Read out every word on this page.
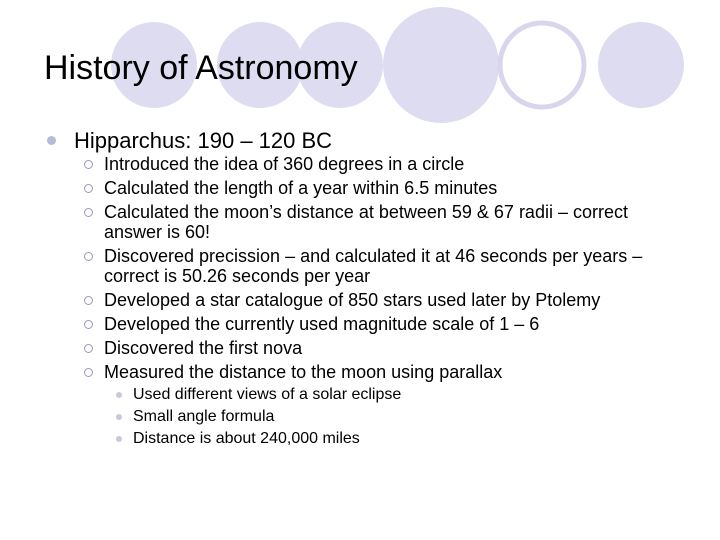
History of Astronomy
Hipparchus: 190 – 120 BC
Introduced the idea of 360 degrees in a circle
Calculated the length of a year within 6.5 minutes
Calculated the moon’s distance at between 59 & 67 radii – correct answer is 60!
Discovered precission – and calculated it at 46 seconds per years – correct is 50.26 seconds per year
Developed a star catalogue of 850 stars used later by Ptolemy
Developed the currently used magnitude scale of 1 – 6
Discovered the first nova
Measured the distance to the moon using parallax
Used different views of a solar eclipse
Small angle formula
Distance is about 240,000 miles
